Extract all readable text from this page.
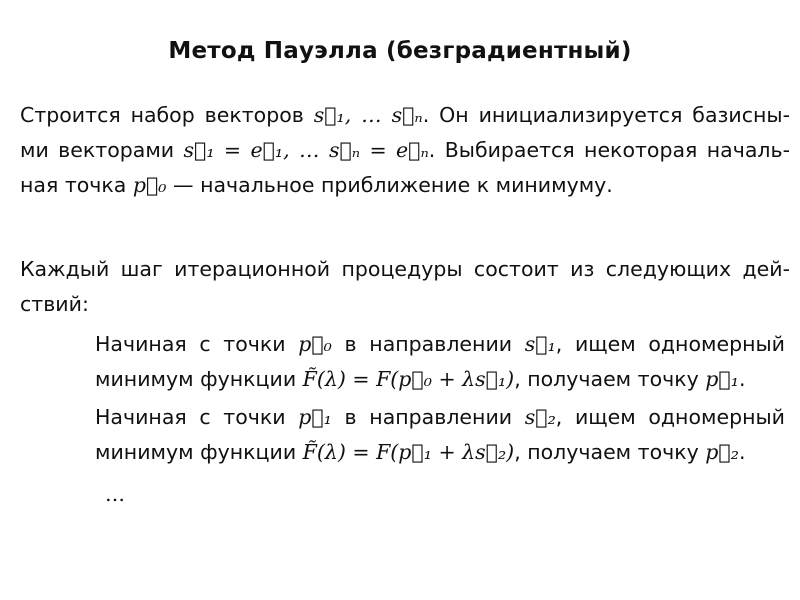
Метод Пауэлла (безградиентный)
Строится набор векторов s⃗₁, … s⃗ₙ. Он инициализируется базисны-
ми векторами s⃗₁ = e⃗₁, … s⃗ₙ = e⃗ₙ. Выбирается некоторая началь-
ная точка p⃗₀ — начальное приближение к минимуму.
Каждый шаг итерационной процедуры состоит из следующих дей-
ствий:
Начиная с точки p⃗₀ в направлении s⃗₁, ищем одномерный
минимум функции F̃(λ) = F(p⃗₀ + λs⃗₁), получаем точку p⃗₁.
Начиная с точки p⃗₁ в направлении s⃗₂, ищем одномерный
минимум функции F̃(λ) = F(p⃗₁ + λs⃗₂), получаем точку p⃗₂.
…
